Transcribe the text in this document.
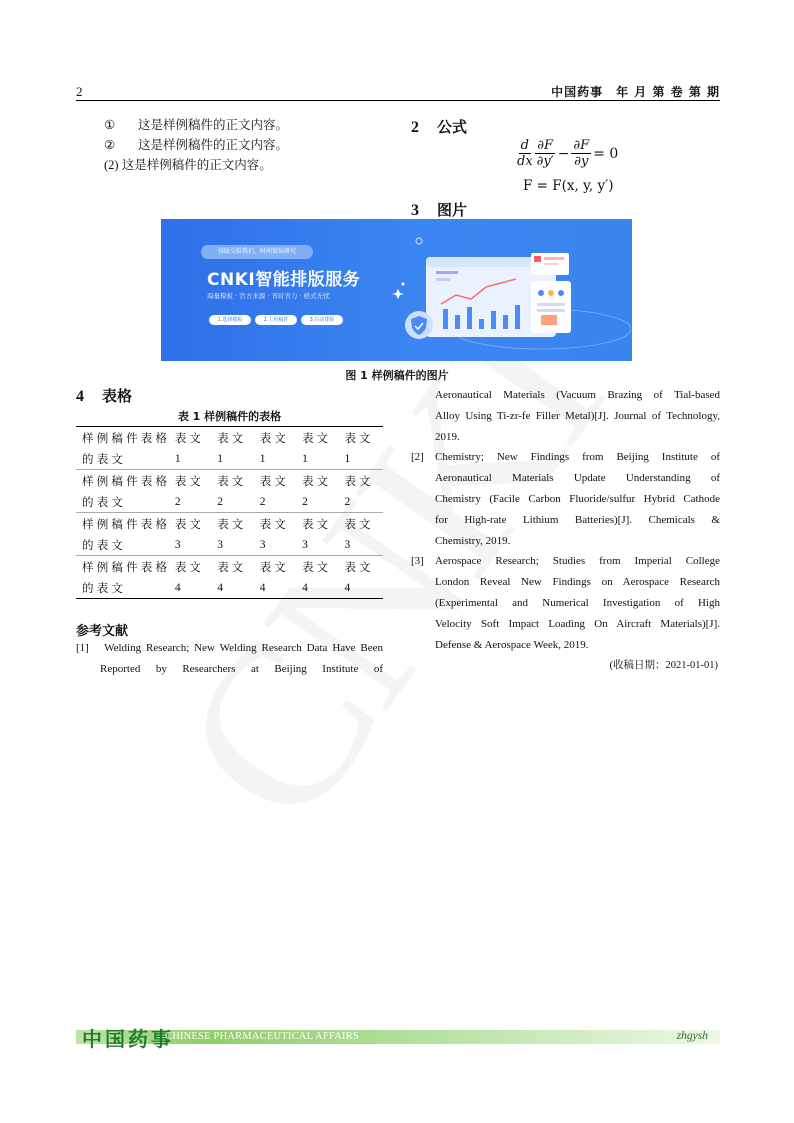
2	中国药事　年 月 第 卷 第 期
① 这是样例稿件的正文内容。
② 这是样例稿件的正文内容。
(2) 这是样例稿件的正文内容。
2 公式
$\frac{d}{dx} \frac{\partial F}{\partial y'} - \frac{\partial F}{\partial y} = 0$
F = F(x, y, y′)
3 图片
排版交给我们，时间留给研究
CNKI智能排版服务
海量模板 · 官方来源 · 省时省力 · 格式无忧
1.选择模板	2.上传稿件	3.自动排版
图 1 样例稿件的图片
4 表格
表 1 样例稿件的表格
样例稿件表格	表文	表文	表文	表文	表文
的表文	1	1	1	1	1
样例稿件表格	表文	表文	表文	表文	表文
的表文	2	2	2	2	2
样例稿件表格	表文	表文	表文	表文	表文
的表文	3	3	3	3	3
样例稿件表格	表文	表文	表文	表文	表文
的表文	4	4	4	4	4
参考文献
[1]　Welding Research; New Welding Research Data Have Been
Reported by Researchers at Beijing Institute of
Aeronautical Materials (Vacuum Brazing of Tial-based
Alloy Using Ti-zr-fe Filler Metal)[J]. Journal of Technology,
2019.
[2] Chemistry; New Findings from Beijing Institute of
Aeronautical Materials Update Understanding of
Chemistry (Facile Carbon Fluoride/sulfur Hybrid Cathode
for High-rate Lithium Batteries)[J]. Chemicals &
Chemistry, 2019.
[3] Aerospace Research; Studies from Imperial College
London Reveal New Findings on Aerospace Research
(Experimental and Numerical Investigation of High
Velocity Soft Impact Loading On Aircraft Materials)[J].
Defense & Aerospace Week, 2019.
(收稿日期：2021-01-01)
中国药事
CHINESE PHARMACEUTICAL AFFAIRS	zhgysh
